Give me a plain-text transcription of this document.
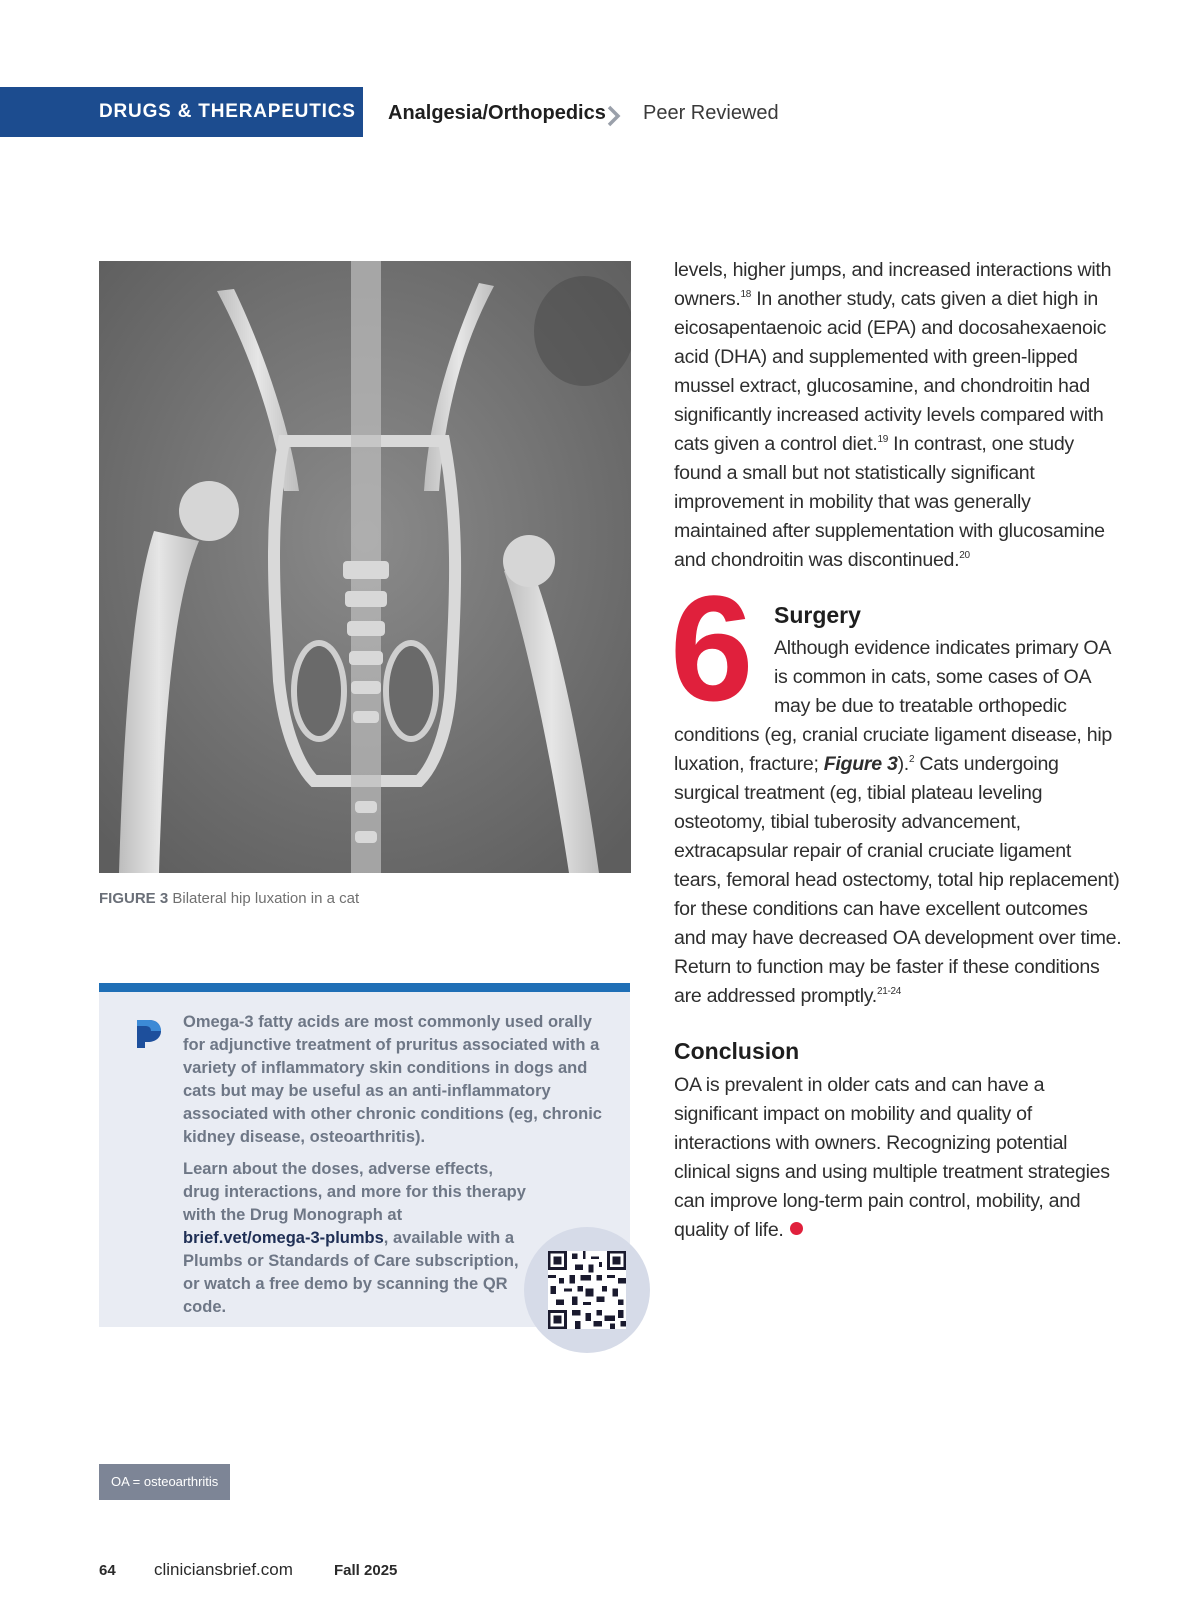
DRUGS & THERAPEUTICS Analgesia/Orthopedics Peer Reviewed
FIGURE 3 Bilateral hip luxation in a cat

Omega-3 fatty acids are most commonly used orally for adjunctive treatment of pruritus associated with a variety of inflammatory skin conditions in dogs and cats but may be useful as an anti-inflammatory associated with other chronic conditions (eg, chronic kidney disease, osteoarthritis).

Learn about the doses, adverse effects, drug interactions, and more for this therapy with the Drug Monograph at brief.vet/omega-3-plumbs, available with a Plumbs or Standards of Care subscription, or watch a free demo by scanning the QR code.

levels, higher jumps, and increased interactions with owners.$^{18}$ In another study, cats given a diet high in eicosapentaenoic acid (EPA) and docosahexaenoic acid (DHA) and supplemented with green-lipped mussel extract, glucosamine, and chondroitin had significantly increased activity levels compared with cats given a control diet.$^{19}$ In contrast, one study found a small but not statistically significant improvement in mobility that was generally maintained after supplementation with glucosamine and chondroitin was discontinued.$^{20}$

6 Surgery
Although evidence indicates primary OA is common in cats, some cases of OA may be due to treatable orthopedic

conditions (eg, cranial cruciate ligament disease, hip luxation, fracture; Figure 3).$^2$ Cats undergoing surgical treatment (eg, tibial plateau leveling osteotomy, tibial tuberosity advancement, extracapsular repair of cranial cruciate ligament tears, femoral head ostectomy, total hip replacement) for these conditions can have excellent outcomes and may have decreased OA development over time. Return to function may be faster if these conditions are addressed promptly.$^{21-24}$

Conclusion

OA is prevalent in older cats and can have a significant impact on mobility and quality of interactions with owners. Recognizing potential clinical signs and using multiple treatment strategies can improve long-term pain control, mobility, and quality of life.

OA = osteoarthritis
64 cliniciansbrief.com	Fall 2025
